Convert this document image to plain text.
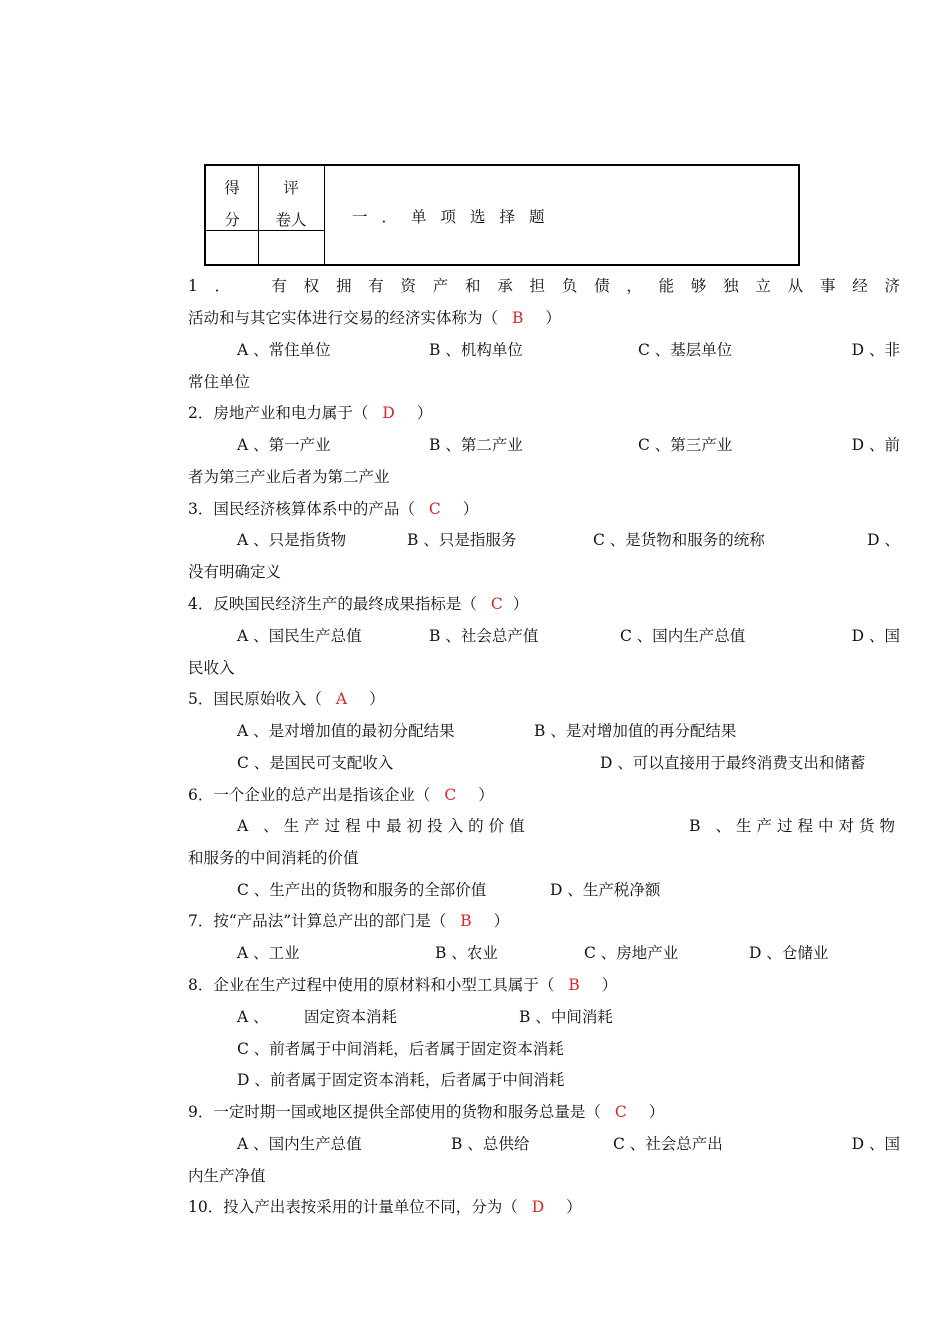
得
分
评
卷人	一．单项选择题
1．　有权拥有资产和承担负债，能够独立从事经济
活动和与其它实体进行交易的经济实体称为（ B ）
A 、常住单位	B 、机构单位	C 、基层单位	D 、非
常住单位
2．房地产业和电力属于（ D ）
A 、第一产业	B 、第二产业	C 、第三产业	D 、前
者为第三产业后者为第二产业
3．国民经济核算体系中的产品（ C ）
A 、只是指货物	B 、只是指服务	C 、是货物和服务的统称	D 、
没有明确定义
4．反映国民经济生产的最终成果指标是（ C ）
A 、国民生产总值	B 、社会总产值	C 、国内生产总值	D 、国
民收入
5．国民原始收入（ A ）
A 、是对增加值的最初分配结果	B 、是对增加值的再分配结果
C 、是国民可支配收入	D 、可以直接用于最终消费支出和储蓄
6．一个企业的总产出是指该企业（ C ）
A 、生产过程中最初投入的价值	B 、生产过程中对货物
和服务的中间消耗的价值
C 、生产出的货物和服务的全部价值	D 、生产税净额
7．按“产品法”计算总产出的部门是（ B ）
A 、工业	B 、农业	C 、房地产业	D 、仓储业
8．企业在生产过程中使用的原材料和小型工具属于（ B ）
A 、 固定资本消耗	B 、中间消耗
C 、前者属于中间消耗，后者属于固定资本消耗
D 、前者属于固定资本消耗，后者属于中间消耗
9．一定时期一国或地区提供全部使用的货物和服务总量是（ C ）
A 、国内生产总值	B 、总供给	C 、社会总产出	D 、国
内生产净值
10．投入产出表按采用的计量单位不同，分为（ D ）
